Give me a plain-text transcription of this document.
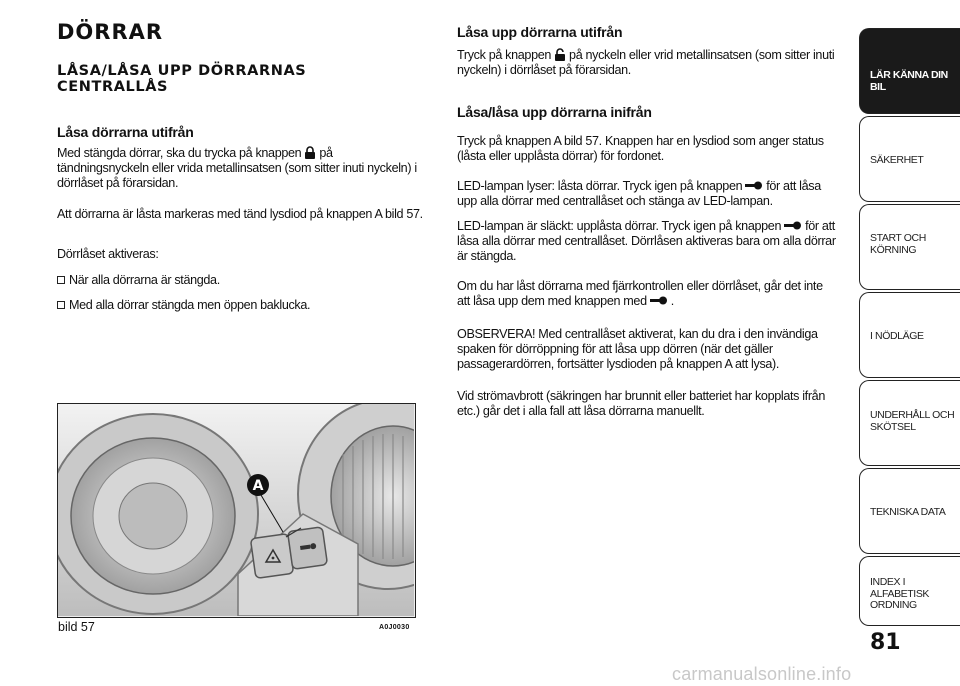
DÖRRAR
LÅSA/LÅSA UPP DÖRRARNAS CENTRALLÅS
Låsa dörrarna utifrån

Med stängda dörrar, ska du trycka på knappen på tändningsnyckeln eller vrida metallinsatsen (som sitter inuti nyckeln) i dörrlåset på förarsidan.

Att dörrarna är låsta markeras med tänd lysdiod på knappen A bild 57.

Dörrlåset aktiveras:

När alla dörrarna är stängda.

Med alla dörrar stängda men öppen baklucka.

A
bild 57	A0J0030
Låsa upp dörrarna utifrån

Tryck på knappen på nyckeln eller vrid metallinsatsen (som sitter inuti nyckeln) i dörrlåset på förarsidan.

Låsa/låsa upp dörrarna inifrån

Tryck på knappen A bild 57. Knappen har en lysdiod som anger status (låsta eller upplåsta dörrar) för fordonet.

LED-lampan lyser: låsta dörrar. Tryck igen på knappen för att låsa upp alla dörrar med centrallåset och stänga av LED-lampan.

LED-lampan är släckt: upplåsta dörrar. Tryck igen på knappen för att låsa alla dörrar med centrallåset. Dörrlåsen aktiveras bara om alla dörrar är stängda.

Om du har låst dörrarna med fjärrkontrollen eller dörrlåset, går det inte att låsa upp dem med knappen med .

OBSERVERA! Med centrallåset aktiverat, kan du dra i den invändiga spaken för dörröppning för att låsa upp dörren (när det gäller passagerardörren, fortsätter lysdioden på knappen A att lysa).

Vid strömavbrott (säkringen har brunnit eller batteriet har kopplats ifrån etc.) går det i alla fall att låsa dörrarna manuellt.

LÄR KÄNNA DIN BIL
SÄKERHET
START OCH KÖRNING
I NÖDLÄGE
UNDERHÅLL OCH SKÖTSEL
TEKNISKA DATA
INDEX I ALFABETISK ORDNING
81
carmanualsonline.info
